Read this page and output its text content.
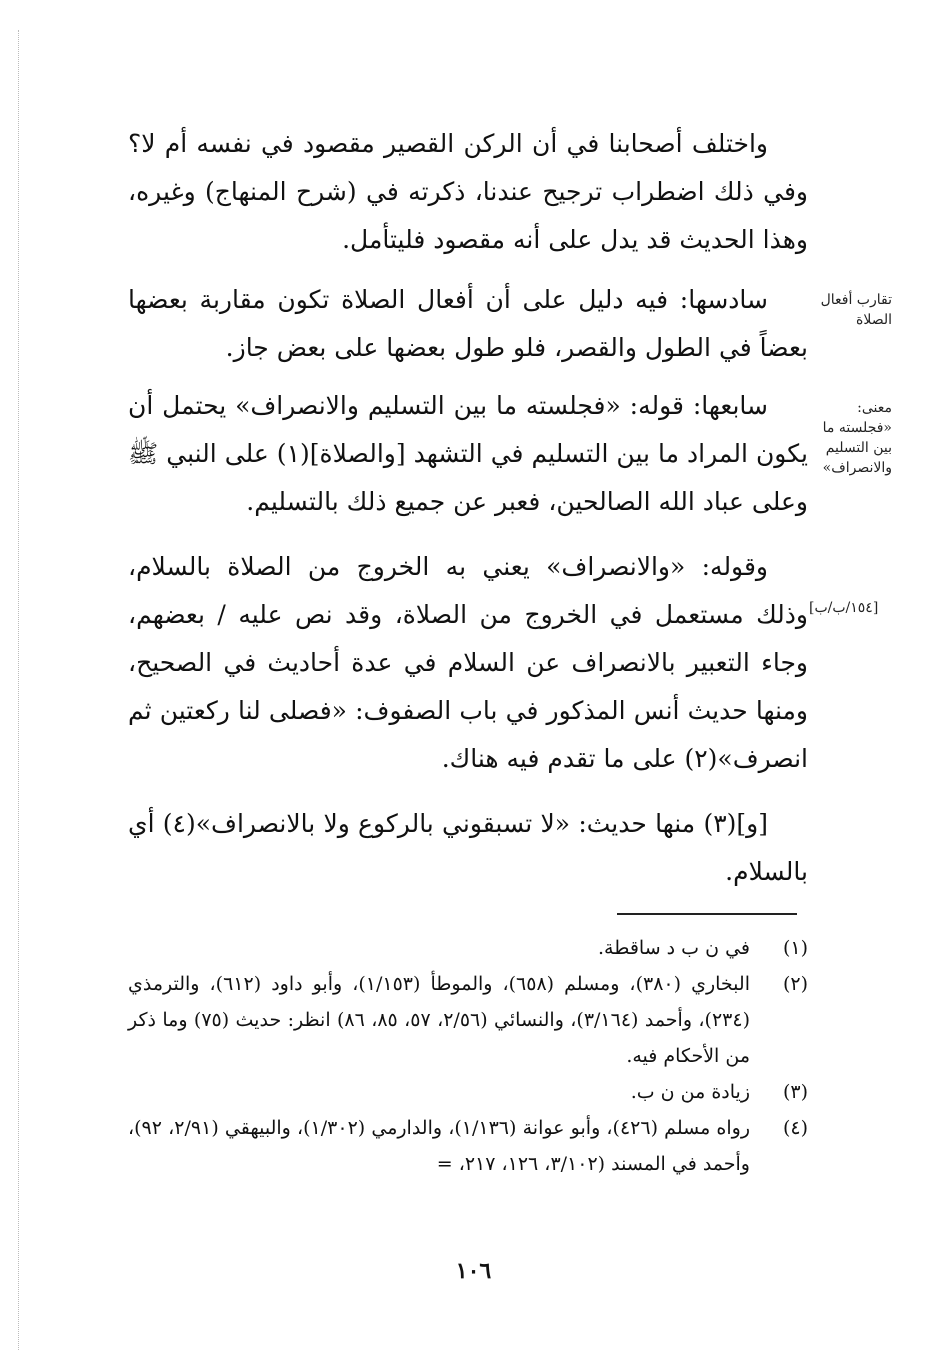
واختلف أصحابنا في أن الركن القصير مقصود في نفسه أم لا؟ وفي ذلك اضطراب ترجيح عندنا، ذكرته في (شرح المنهاج) وغيره، وهذا الحديث قد يدل على أنه مقصود فليتأمل.

تقارب أفعال الصلاة

سادسها: فيه دليل على أن أفعال الصلاة تكون مقاربة بعضها بعضاً في الطول والقصر، فلو طول بعضها على بعض جاز.

معنى: «فجلسته ما بين التسليم والانصراف»

سابعها: قوله: «فجلسته ما بين التسليم والانصراف» يحتمل أن يكون المراد ما بين التسليم في التشهد [والصلاة](١) على النبي ﷺ وعلى عباد الله الصالحين، فعبر عن جميع ذلك بالتسليم.

[١٥٤/ب/ب]

وقوله: «والانصراف» يعني به الخروج من الصلاة بالسلام، وذلك مستعمل في الخروج من الصلاة، وقد نص عليه / بعضهم، وجاء التعبير بالانصراف عن السلام في عدة أحاديث في الصحيح، ومنها حديث أنس المذكور في باب الصفوف: «فصلى لنا ركعتين ثم انصرف»(٢) على ما تقدم فيه هناك.

[و](٣) منها حديث: «لا تسبقوني بالركوع ولا بالانصراف»(٤) أي بالسلام.

(١)
في ن ب د ساقطة.

(٢)
البخاري (٣٨٠)، ومسلم (٦٥٨)، والموطأ (١/١٥٣)، وأبو داود (٦١٢)، والترمذي (٢٣٤)، وأحمد (٣/١٦٤)، والنسائي (٢/٥٦، ٥٧، ٨٥، ٨٦) انظر: حديث (٧٥) وما ذكر من الأحكام فيه.

(٣)
زيادة من ن ب.

(٤)
رواه مسلم (٤٢٦)، وأبو عوانة (١/١٣٦)، والدارمي (١/٣٠٢)، والبيهقي (٢/٩١، ٩٢)، وأحمد في المسند (٣/١٠٢، ١٢٦، ٢١٧، =

١٠٦
